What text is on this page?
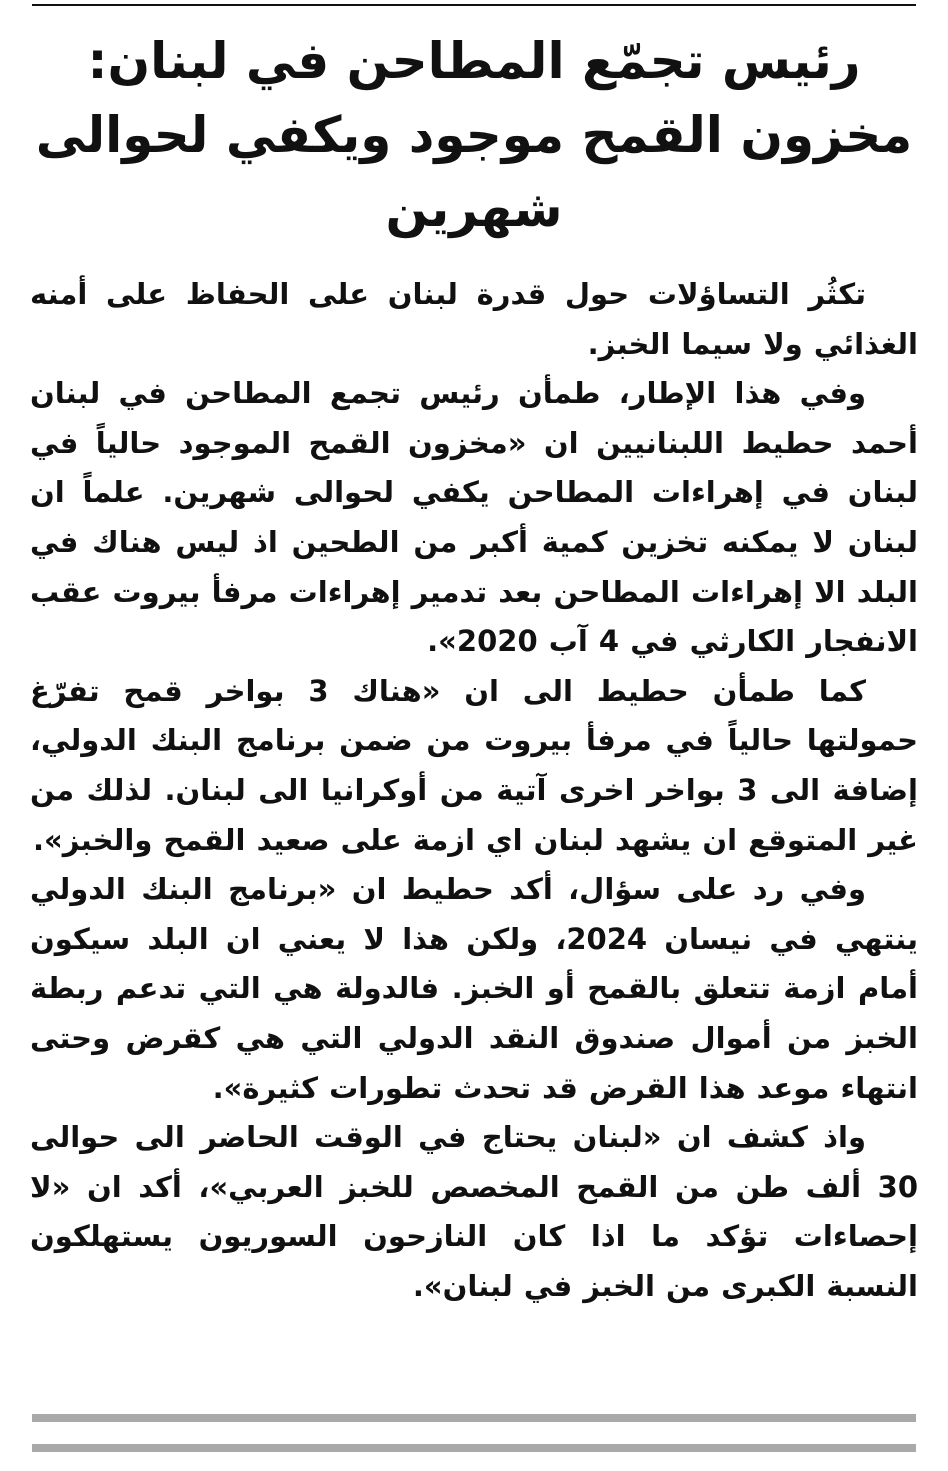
رئيس تجمّع المطاحن في لبنان: مخزون القمح موجود ويكفي لحوالى شهرين

تكثُر التساؤلات حول قدرة لبنان على الحفاظ على أمنه الغذائي ولا سيما الخبز.

وفي هذا الإطار، طمأن رئيس تجمع المطاحن في لبنان أحمد حطيط اللبنانيين ان «مخزون القمح الموجود حالياً في لبنان في إهراءات المطاحن يكفي لحوالى شهرين. علماً ان لبنان لا يمكنه تخزين كمية أكبر من الطحين اذ ليس هناك في البلد الا إهراءات المطاحن بعد تدمير إهراءات مرفأ بيروت عقب الانفجار الكارثي في 4 آب 2020».

كما طمأن حطيط الى ان «هناك 3 بواخر قمح تفرّغ حمولتها حالياً في مرفأ بيروت من ضمن برنامج البنك الدولي، إضافة الى 3 بواخر اخرى آتية من أوكرانيا الى لبنان. لذلك من غير المتوقع ان يشهد لبنان اي ازمة على صعيد القمح والخبز».

وفي رد على سؤال، أكد حطيط ان «برنامج البنك الدولي ينتهي في نيسان 2024، ولكن هذا لا يعني ان البلد سيكون أمام ازمة تتعلق بالقمح أو الخبز. فالدولة هي التي تدعم ربطة الخبز من أموال صندوق النقد الدولي التي هي كقرض وحتى انتهاء موعد هذا القرض قد تحدث تطورات كثيرة».

واذ كشف ان «لبنان يحتاج في الوقت الحاضر الى حوالى 30 ألف طن من القمح المخصص للخبز العربي»، أكد ان «لا إحصاءات تؤكد ما اذا كان النازحون السوريون يستهلكون النسبة الكبرى من الخبز في لبنان».
